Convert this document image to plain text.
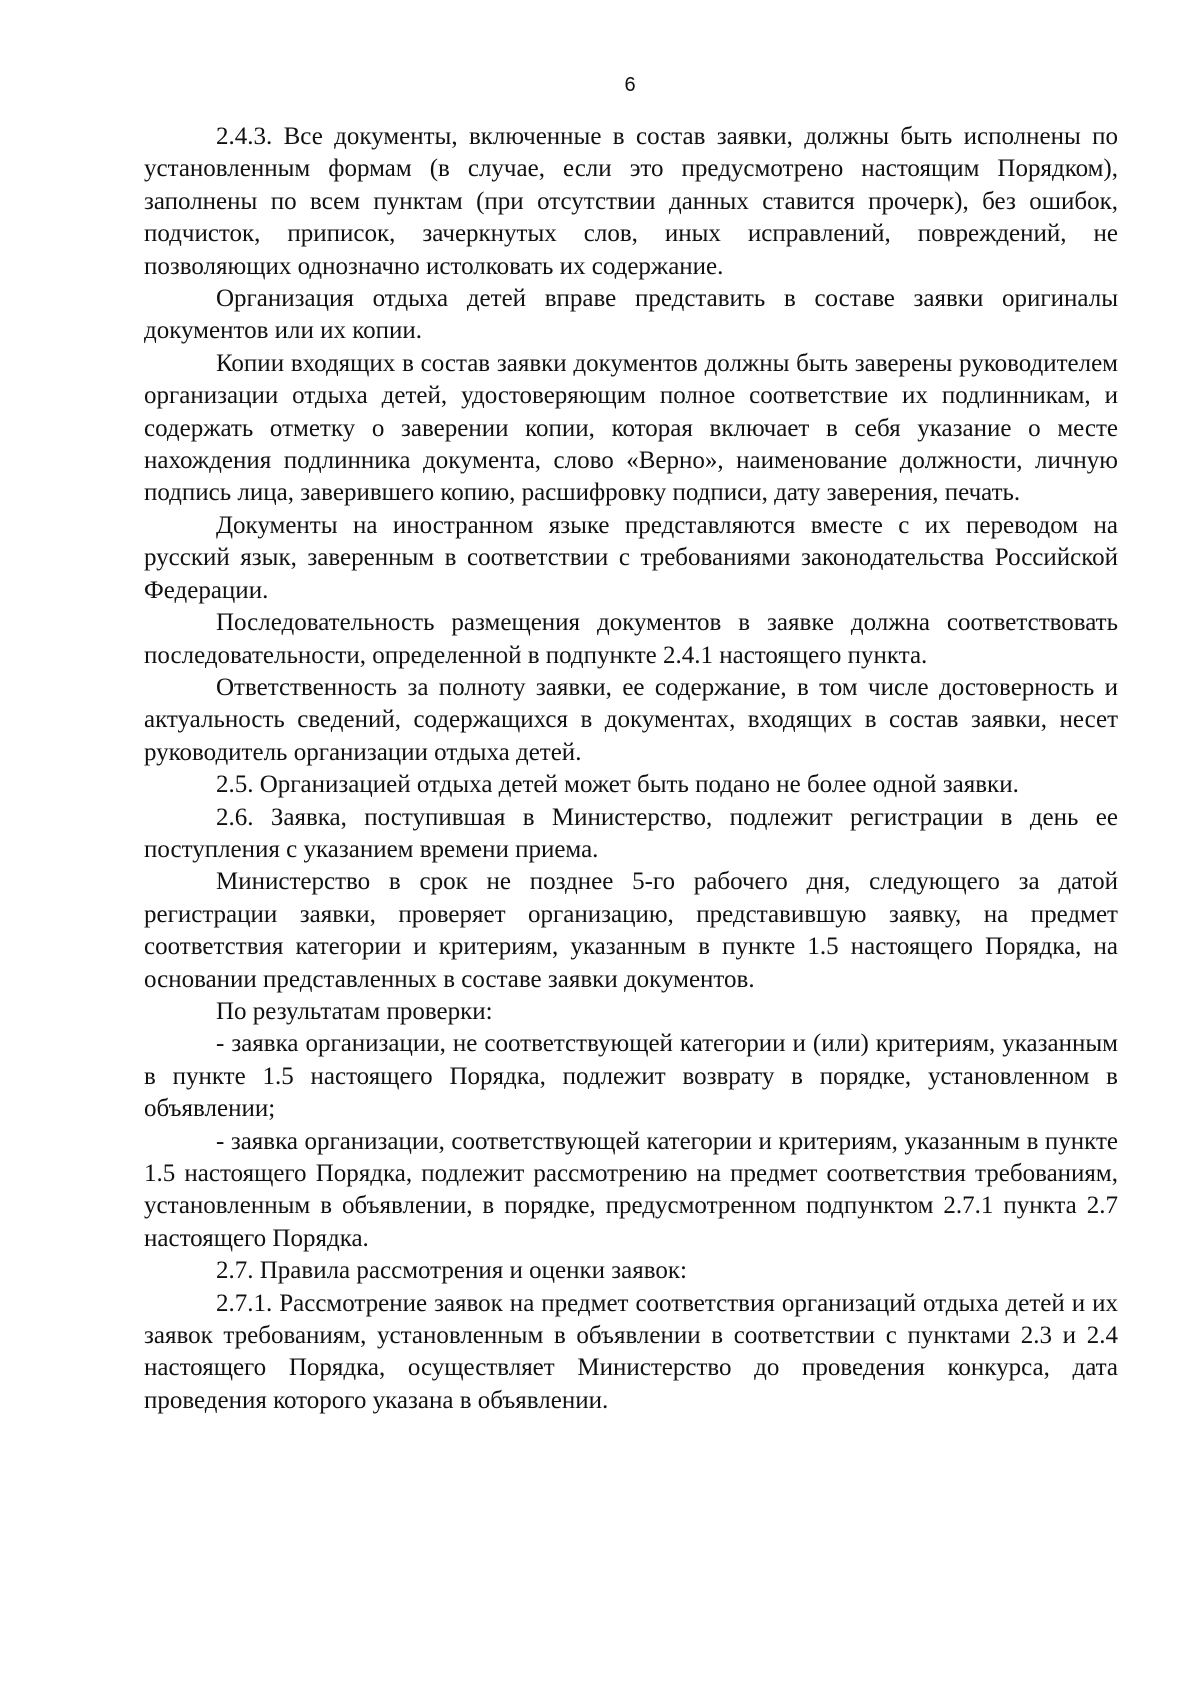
6

2.4.3. Все документы, включенные в состав заявки, должны быть исполнены по установленным формам (в случае, если это предусмотрено настоящим Порядком), заполнены по всем пунктам (при отсутствии данных ставится прочерк), без ошибок, подчисток, приписок, зачеркнутых слов, иных исправлений, повреждений, не позволяющих однозначно истолковать их содержание.

Организация отдыха детей вправе представить в составе заявки оригиналы документов или их копии.

Копии входящих в состав заявки документов должны быть заверены руководителем организации отдыха детей, удостоверяющим полное соответствие их подлинникам, и содержать отметку о заверении копии, которая включает в себя указание о месте нахождения подлинника документа, слово «Верно», наименование должности, личную подпись лица, заверившего копию, расшифровку подписи, дату заверения, печать.

Документы на иностранном языке представляются вместе с их переводом на русский язык, заверенным в соответствии с требованиями законодательства Российской Федерации.

Последовательность размещения документов в заявке должна соответствовать последовательности, определенной в подпункте 2.4.1 настоящего пункта.

Ответственность за полноту заявки, ее содержание, в том числе достоверность и актуальность сведений, содержащихся в документах, входящих в состав заявки, несет руководитель организации отдыха детей.

2.5. Организацией отдыха детей может быть подано не более одной заявки.

2.6. Заявка, поступившая в Министерство, подлежит регистрации в день ее поступления с указанием времени приема.

Министерство в срок не позднее 5-го рабочего дня, следующего за датой регистрации заявки, проверяет организацию, представившую заявку, на предмет соответствия категории и критериям, указанным в пункте 1.5 настоящего Порядка, на основании представленных в составе заявки документов.

По результатам проверки:

- заявка организации, не соответствующей категории и (или) критериям, указанным в пункте 1.5 настоящего Порядка, подлежит возврату в порядке, установленном в объявлении;

- заявка организации, соответствующей категории и критериям, указанным в пункте 1.5 настоящего Порядка, подлежит рассмотрению на предмет соответствия требованиям, установленным в объявлении, в порядке, предусмотренном подпунктом 2.7.1 пункта 2.7 настоящего Порядка.

2.7. Правила рассмотрения и оценки заявок:

2.7.1. Рассмотрение заявок на предмет соответствия организаций отдыха детей и их заявок требованиям, установленным в объявлении в соответствии с пунктами 2.3 и 2.4 настоящего Порядка, осуществляет Министерство до проведения конкурса, дата проведения которого указана в объявлении.
